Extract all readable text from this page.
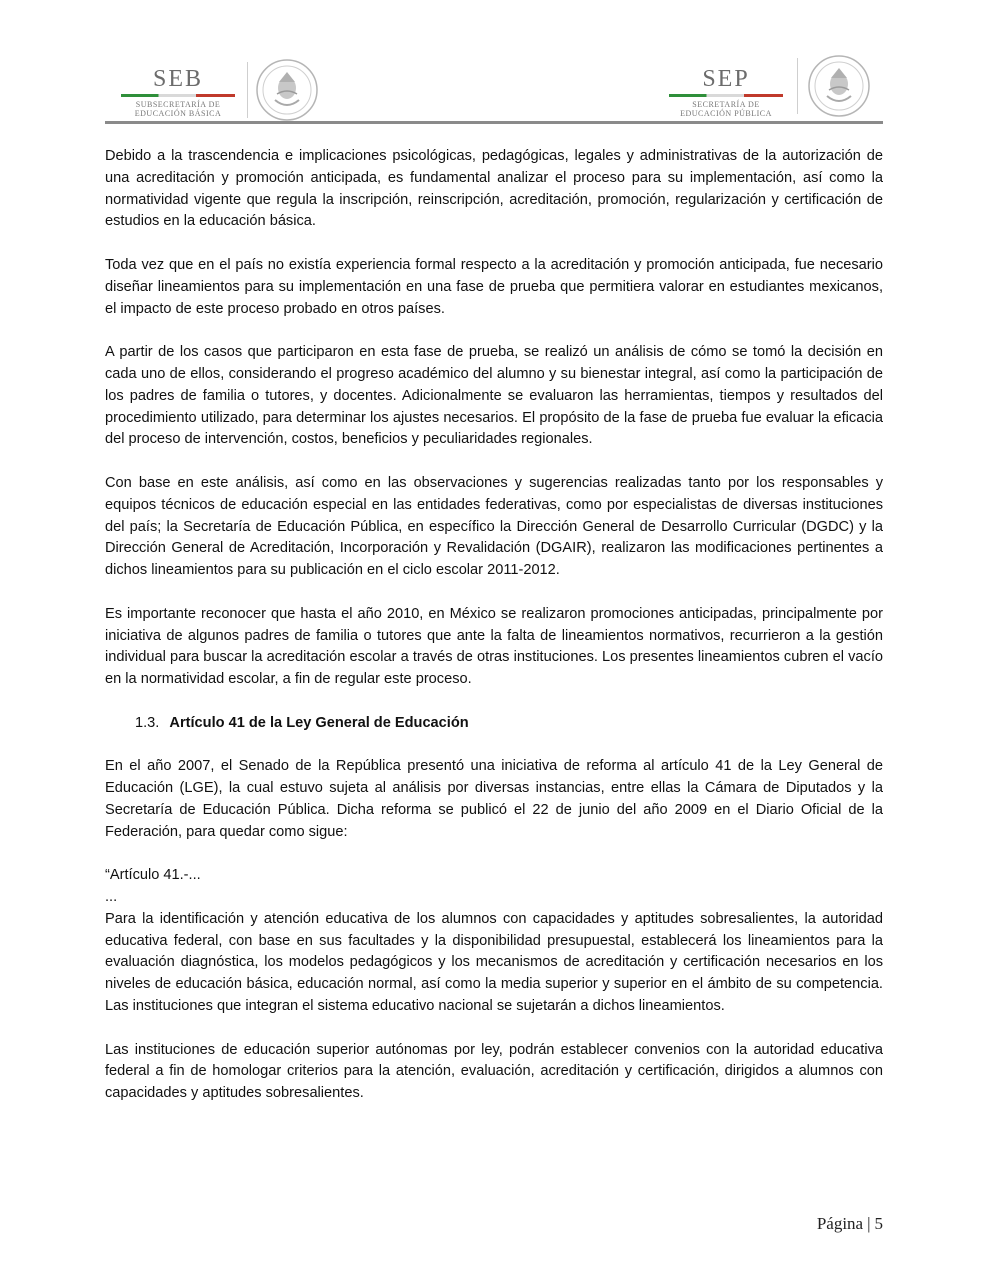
SEB
SUBSECRETARÍA DE
EDUCACIÓN BÁSICA
SEP
SECRETARÍA DE
EDUCACIÓN PÚBLICA

Debido a la trascendencia e implicaciones psicológicas, pedagógicas, legales y administrativas de la autorización de una acreditación y promoción anticipada, es fundamental analizar el proceso para su implementación, así como la normatividad vigente que regula la inscripción, reinscripción, acreditación, promoción, regularización y certificación de estudios en la educación básica.

Toda vez que en el país no existía experiencia formal respecto a la acreditación y promoción anticipada, fue necesario diseñar lineamientos para su implementación en una fase de prueba que permitiera valorar en estudiantes mexicanos, el impacto de este proceso probado en otros países.

A partir de los casos que participaron en esta fase de prueba, se realizó un análisis de cómo se tomó la decisión en cada uno de ellos, considerando el progreso académico del alumno y su bienestar integral, así como la participación de los padres de familia o tutores, y docentes. Adicionalmente se evaluaron las herramientas, tiempos y resultados del procedimiento utilizado, para determinar los ajustes necesarios. El propósito de la fase de prueba fue evaluar la eficacia del proceso de intervención, costos, beneficios y peculiaridades regionales.

Con base en este análisis, así como en las observaciones y sugerencias realizadas tanto por los responsables y equipos técnicos de educación especial en las entidades federativas, como por especialistas de diversas instituciones del país; la Secretaría de Educación Pública, en específico la Dirección General de Desarrollo Curricular (DGDC) y la Dirección General de Acreditación, Incorporación y Revalidación (DGAIR), realizaron las modificaciones pertinentes a dichos lineamientos para su publicación en el ciclo escolar 2011-2012.

Es importante reconocer que hasta el año 2010, en México se realizaron promociones anticipadas, principalmente por iniciativa de algunos padres de familia o tutores que ante la falta de lineamientos normativos, recurrieron a la gestión individual para buscar la acreditación escolar a través de otras instituciones. Los presentes lineamientos cubren el vacío en la normatividad escolar, a fin de regular este proceso.

1.3. Artículo 41 de la Ley General de Educación

En el año 2007, el Senado de la República presentó una iniciativa de reforma al artículo 41 de la Ley General de Educación (LGE), la cual estuvo sujeta al análisis por diversas instancias, entre ellas la Cámara de Diputados y la Secretaría de Educación Pública. Dicha reforma se publicó el 22 de junio del año 2009 en el Diario Oficial de la Federación, para quedar como sigue:

“Artículo 41.-...

...

Para la identificación y atención educativa de los alumnos con capacidades y aptitudes sobresalientes, la autoridad educativa federal, con base en sus facultades y la disponibilidad presupuestal, establecerá los lineamientos para la evaluación diagnóstica, los modelos pedagógicos y los mecanismos de acreditación y certificación necesarios en los niveles de educación básica, educación normal, así como la media superior y superior en el ámbito de su competencia. Las instituciones que integran el sistema educativo nacional se sujetarán a dichos lineamientos.

Las instituciones de educación superior autónomas por ley, podrán establecer convenios con la autoridad educativa federal a fin de homologar criterios para la atención, evaluación, acreditación y certificación, dirigidos a alumnos con capacidades y aptitudes sobresalientes.

Página | 5
